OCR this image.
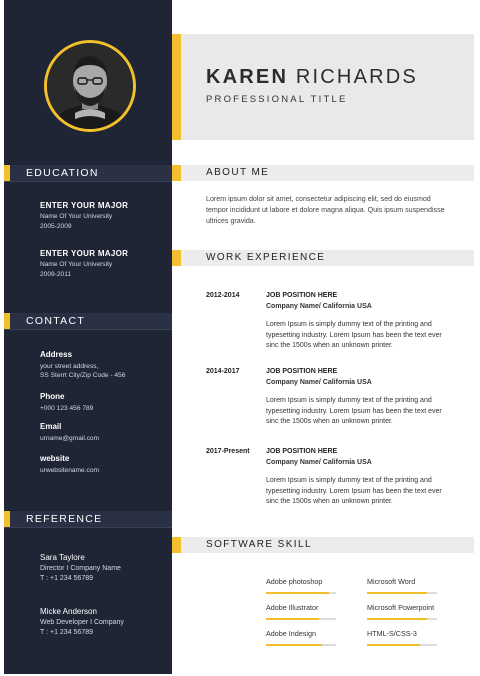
EDUCATION
ENTER YOUR MAJOR
Name Of Your University
2005-2009
ENTER YOUR MAJOR
Name Of Your University
2009-2011
CONTACT
Address
your street address,
SS Sterrt City/Zip Code - 456
Phone
+000 123 456 789
Email
urname@gmail.com
website
urwebsitename.com
REFERENCE
Sara Taylore
Director I Company Name
T : +1 234 56789
Micke Anderson
Web Developer I Company
T : +1 234 56789
KAREN RICHARDS
PROFESSIONAL TITLE
ABOUT ME
Lorem ipsum dolor sit amet, consectetur adipiscing elit, sed do eiusmod tempor incididunt ut labore et dolore magna aliqua. Quis ipsum suspendisse ultrices gravida.
WORK EXPERIENCE
2012-2014	JOB POSITION HERE
Company Name/ California USA
Lorem Ipsum is simply dummy text of the printing and typesetting industry. Lorem Ipsum has been the text ever sinc the 1500s when an unknown printer.
2014-2017	JOB POSITION HERE
Company Name/ California USA
Lorem Ipsum is simply dummy text of the printing and typesetting industry. Lorem Ipsum has been the text ever sinc the 1500s when an unknown printer.
2017-Present JOB POSITION HERE
Company Name/ California USA
Lorem Ipsum is simply dummy text of the printing and typesetting industry. Lorem Ipsum has been the text ever sinc the 1500s when an unknown printer.
SOFTWARE SKILL
Adobe photoshop	Microsoft Word
Adobe Illustrator	Microsoft Powerpoint
Adobe Indesign	HTML-S/CSS-3
